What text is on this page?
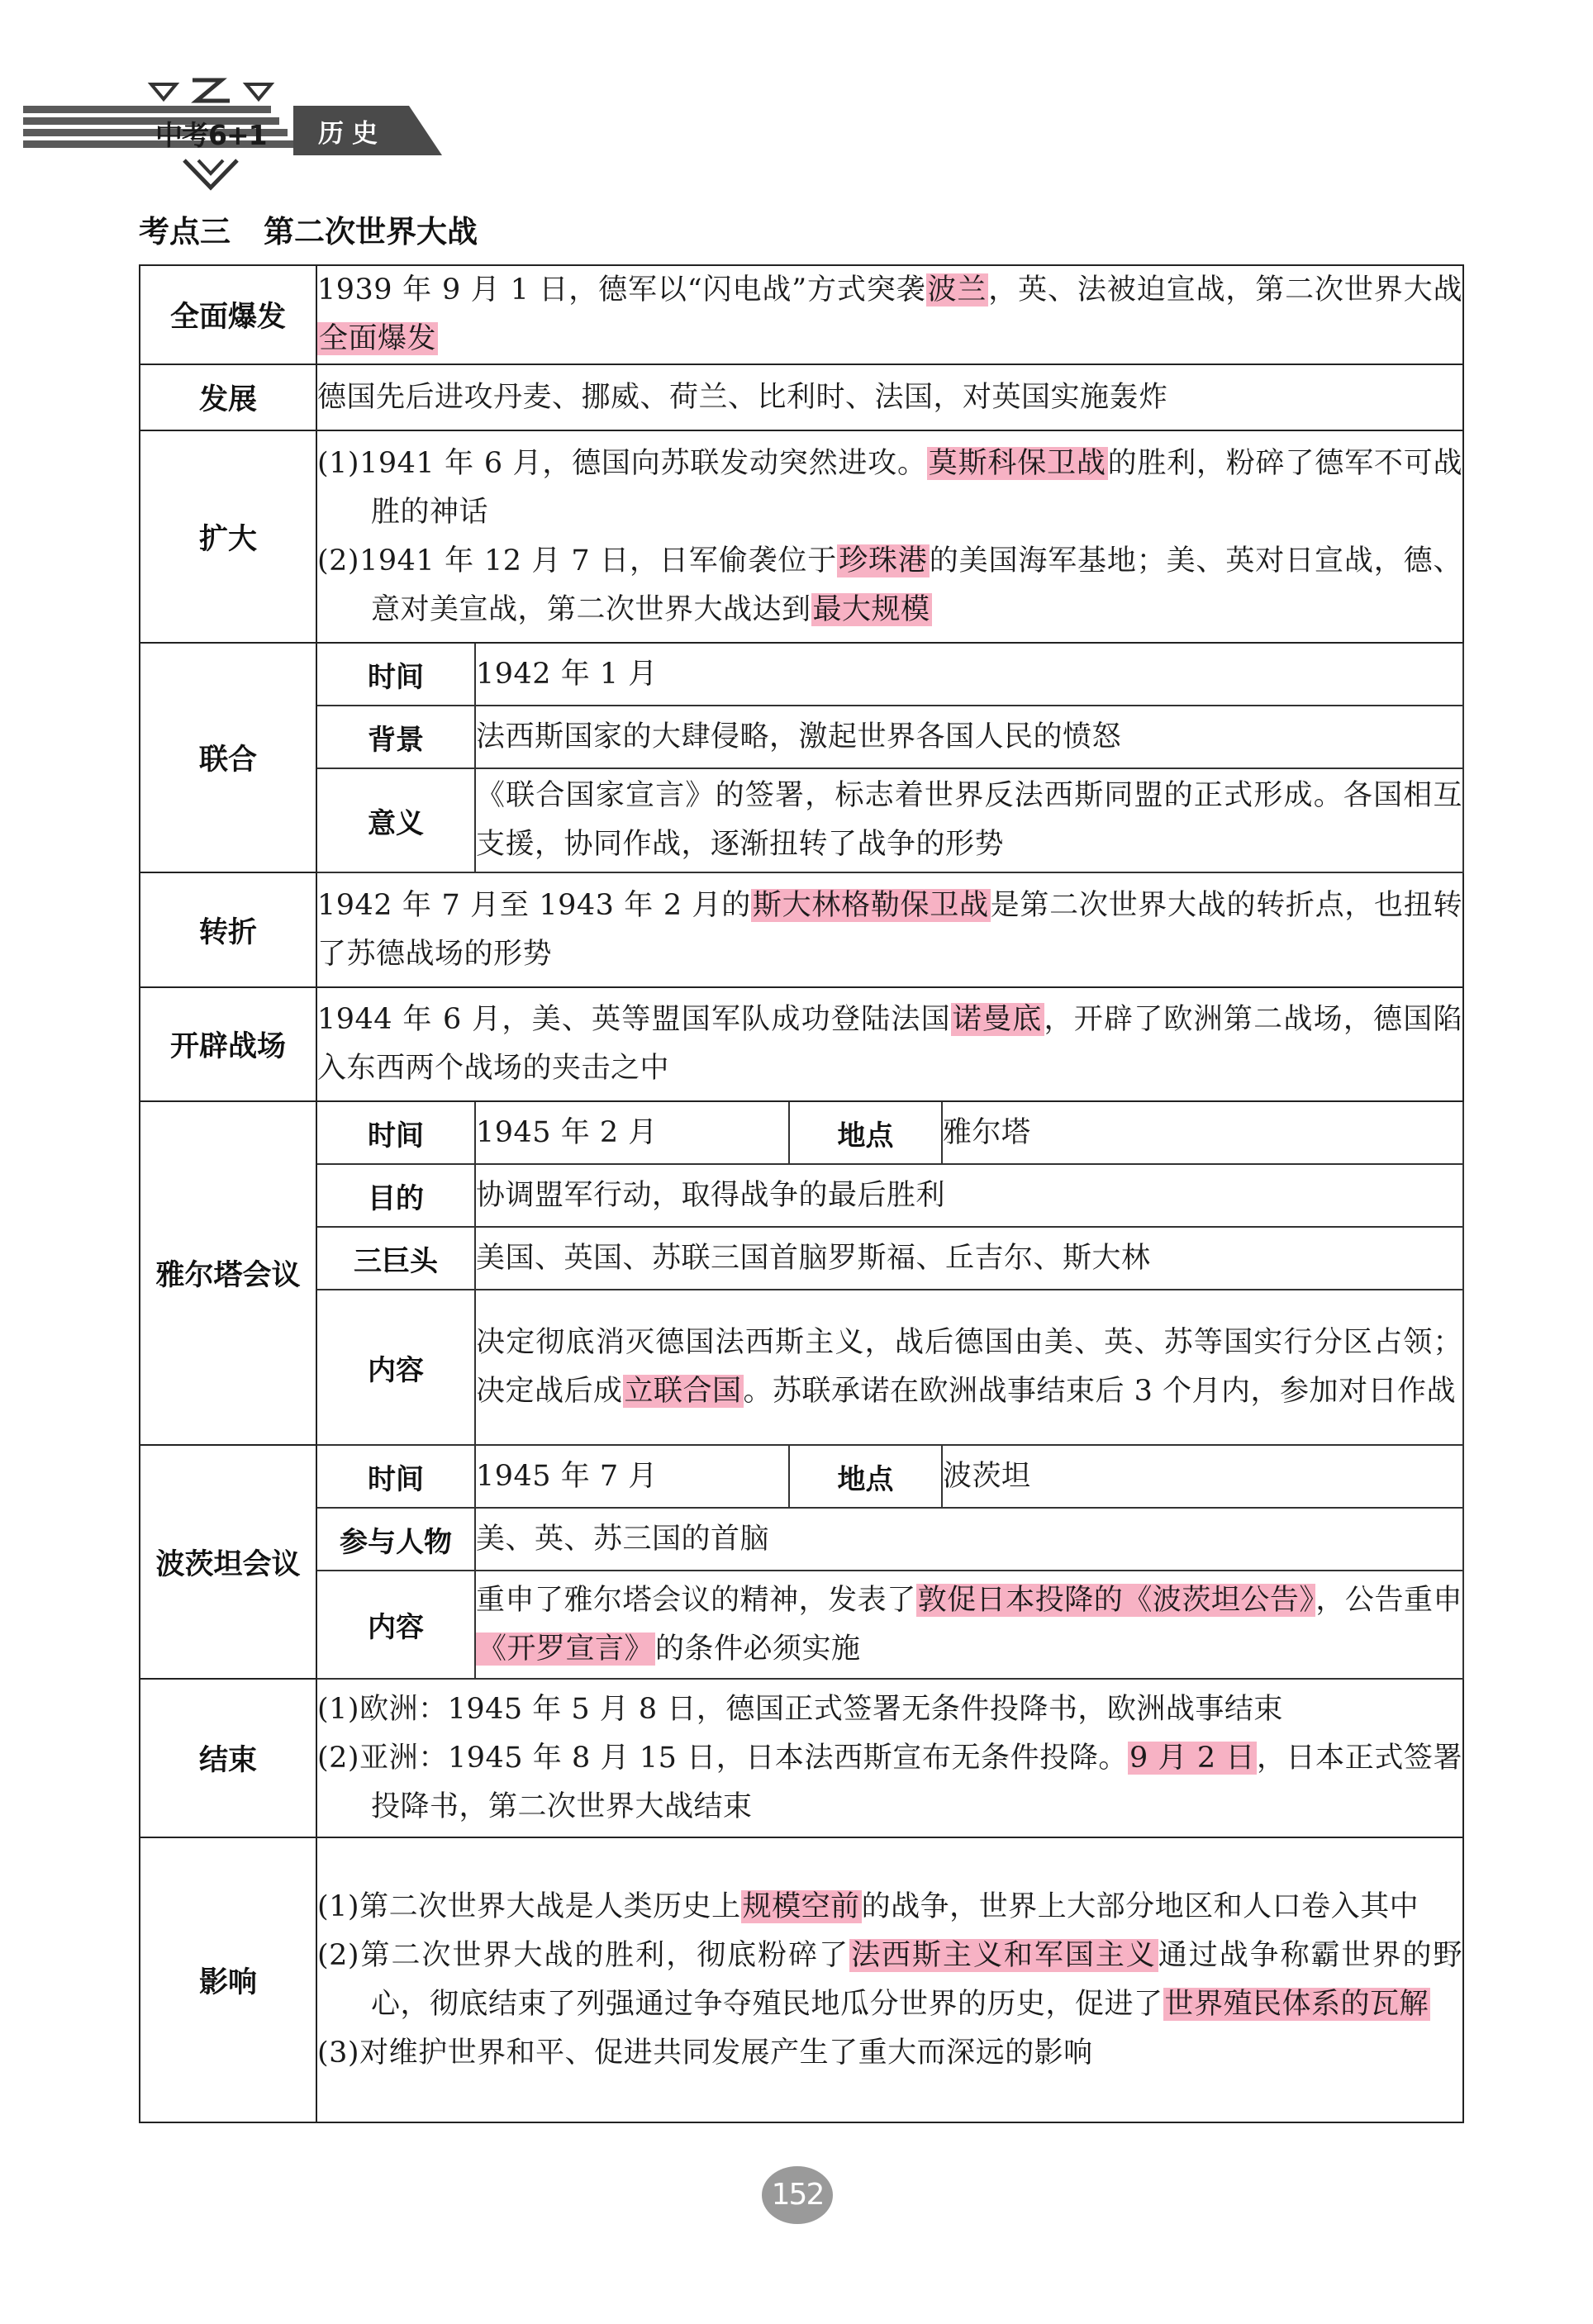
中考6+1 历史
考点三 第二次世界大战
全面爆发	1939 年 9 月 1 日，德军以“闪电战”方式突袭波兰，英、法被迫宣战，第二次世界大战全面爆发			
发展	德国先后进攻丹麦、挪威、荷兰、比利时、法国，对英国实施轰炸			
扩大	(1)1941 年 6 月，德国向苏联发动突然进攻。莫斯科保卫战的胜利，粉碎了德军不可战胜的神话
(2)1941 年 12 月 7 日，日军偷袭位于珍珠港的美国海军基地；美、英对日宣战，德、意对美宣战，第二次世界大战达到最大规模			

联合	时间	1942 年 1 月		
	背景	法西斯国家的大肆侵略，激起世界各国人民的愤怒		
	意义	《联合国家宣言》的签署，标志着世界反法西斯同盟的正式形成。各国相互支援，协同作战，逐渐扭转了战争的形势		
转折	1942 年 7 月至 1943 年 2 月的斯大林格勒保卫战是第二次世界大战的转折点，也扭转了苏德战场的形势			
开辟战场	1944 年 6 月，美、英等盟国军队成功登陆法国诺曼底，开辟了欧洲第二战场，德国陷入东西两个战场的夹击之中			
雅尔塔会议	时间	1945 年 2 月	地点	雅尔塔
	目的	协调盟军行动，取得战争的最后胜利		
	三巨头	美国、英国、苏联三国首脑罗斯福、丘吉尔、斯大林		
	内容	决定彻底消灭德国法西斯主义，战后德国由美、英、苏等国实行分区占领；决定战后成立联合国。苏联承诺在欧洲战事结束后 3 个月内，参加对日作战		
波茨坦会议	时间	1945 年 7 月	地点	波茨坦
	参与人物	美、英、苏三国的首脑		
	内容	重申了雅尔塔会议的精神，发表了敦促日本投降的《波茨坦公告》，公告重申《开罗宣言》的条件必须实施		
结束	(1)欧洲：1945 年 5 月 8 日，德国正式签署无条件投降书，欧洲战事结束
(2)亚洲：1945 年 8 月 15 日，日本法西斯宣布无条件投降。9 月 2 日，日本正式签署投降书，第二次世界大战结束			

影响	(1)第二次世界大战是人类历史上规模空前的战争，世界上大部分地区和人口卷入其中
(2)第二次世界大战的胜利，彻底粉碎了法西斯主义和军国主义通过战争称霸世界的野心，彻底结束了列强通过争夺殖民地瓜分世界的历史，促进了世界殖民体系的瓦解
(3)对维护世界和平、促进共同发展产生了重大而深远的影响			
152
